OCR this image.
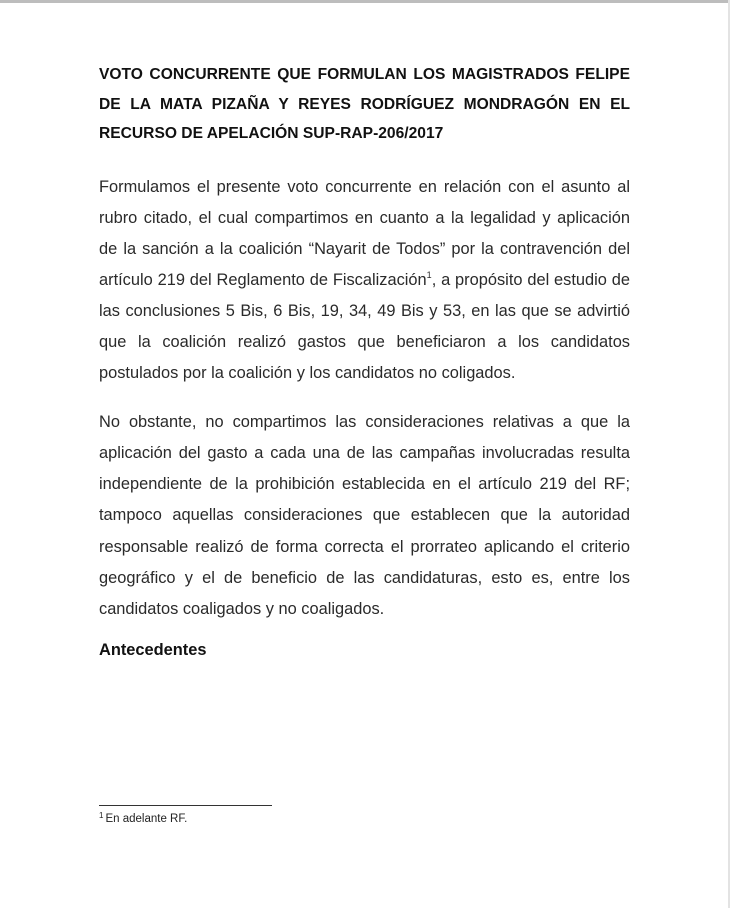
VOTO CONCURRENTE QUE FORMULAN LOS MAGISTRADOS FELIPE DE LA MATA PIZAÑA Y REYES RODRÍGUEZ MONDRAGÓN EN EL RECURSO DE APELACIÓN SUP-RAP-206/2017

Formulamos el presente voto concurrente en relación con el asunto al rubro citado, el cual compartimos en cuanto a la legalidad y aplicación de la sanción a la coalición “Nayarit de Todos” por la contravención del artículo 219 del Reglamento de Fiscalización$^1$, a propósito del estudio de las conclusiones 5 Bis, 6 Bis, 19, 34, 49 Bis y 53, en las que se advirtió que la coalición realizó gastos que beneficiaron a los candidatos postulados por la coalición y los candidatos no coligados.

No obstante, no compartimos las consideraciones relativas a que la aplicación del gasto a cada una de las campañas involucradas resulta independiente de la prohibición establecida en el artículo 219 del RF; tampoco aquellas consideraciones que establecen que la autoridad responsable realizó de forma correcta el prorrateo aplicando el criterio geográfico y el de beneficio de las candidaturas, esto es, entre los candidatos coaligados y no coaligados.

Antecedentes
$^1$ En adelante RF.
